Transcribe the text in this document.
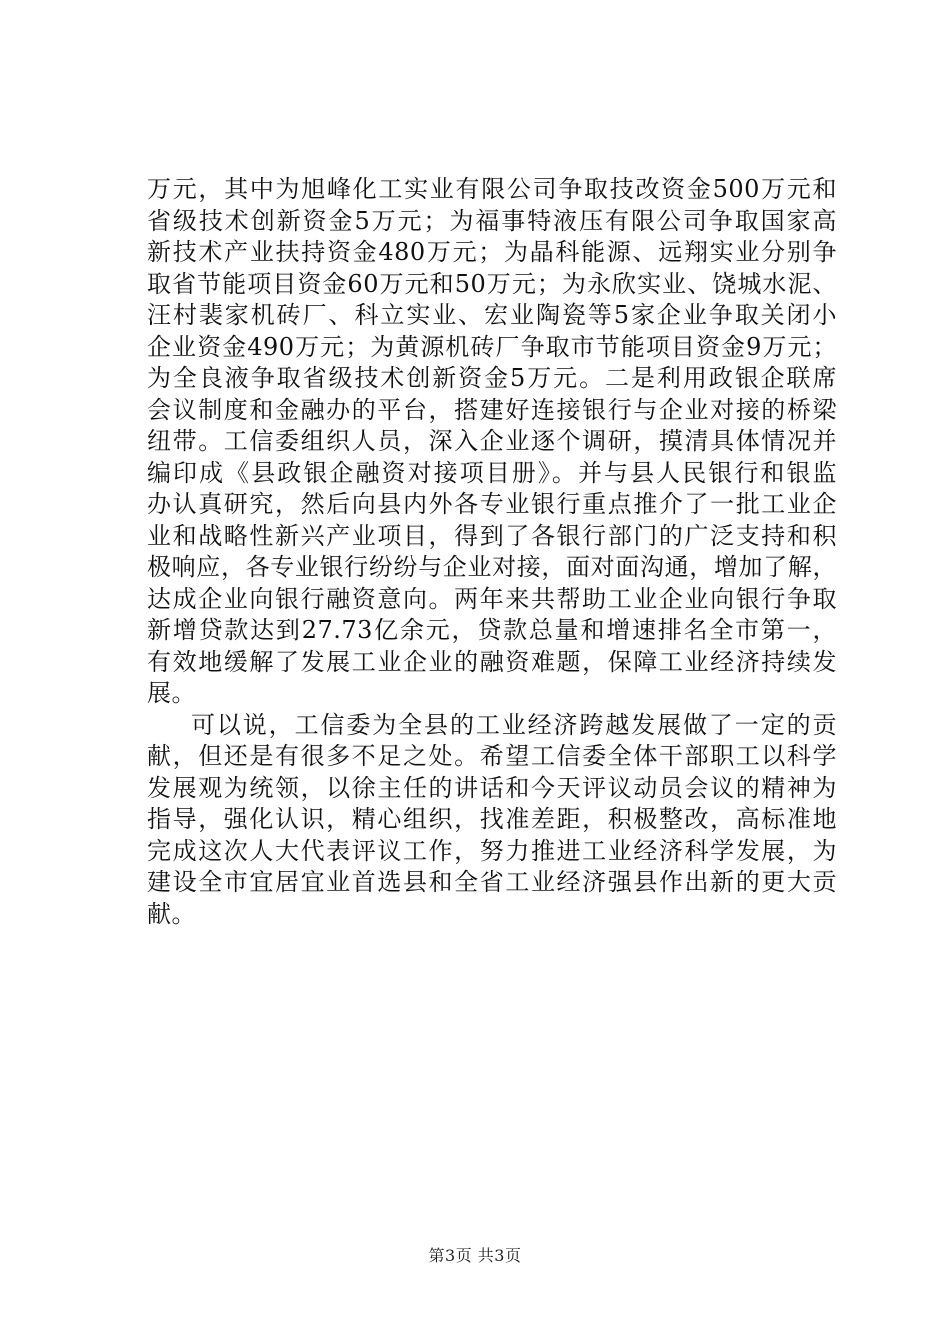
万元，其中为旭峰化工实业有限公司争取技改资金500万元和
省级技术创新资金5万元；为福事特液压有限公司争取国家高
新技术产业扶持资金480万元；为晶科能源、远翔实业分别争
取省节能项目资金60万元和50万元；为永欣实业、饶城水泥、
汪村裴家机砖厂、科立实业、宏业陶瓷等5家企业争取关闭小
企业资金490万元；为黄源机砖厂争取市节能项目资金9万元；
为全良液争取省级技术创新资金5万元。二是利用政银企联席
会议制度和金融办的平台，搭建好连接银行与企业对接的桥梁
纽带。工信委组织人员，深入企业逐个调研，摸清具体情况并
编印成《县政银企融资对接项目册》。并与县人民银行和银监
办认真研究，然后向县内外各专业银行重点推介了一批工业企
业和战略性新兴产业项目，得到了各银行部门的广泛支持和积
极响应，各专业银行纷纷与企业对接，面对面沟通，增加了解，
达成企业向银行融资意向。两年来共帮助工业企业向银行争取
新增贷款达到27.73亿余元，贷款总量和增速排名全市第一，
有效地缓解了发展工业企业的融资难题，保障工业经济持续发
展。
可以说，工信委为全县的工业经济跨越发展做了一定的贡
献，但还是有很多不足之处。希望工信委全体干部职工以科学
发展观为统领，以徐主任的讲话和今天评议动员会议的精神为
指导，强化认识，精心组织，找准差距，积极整改，高标准地
完成这次人大代表评议工作，努力推进工业经济科学发展，为
建设全市宜居宜业首选县和全省工业经济强县作出新的更大贡
献。
第3页 共3页
